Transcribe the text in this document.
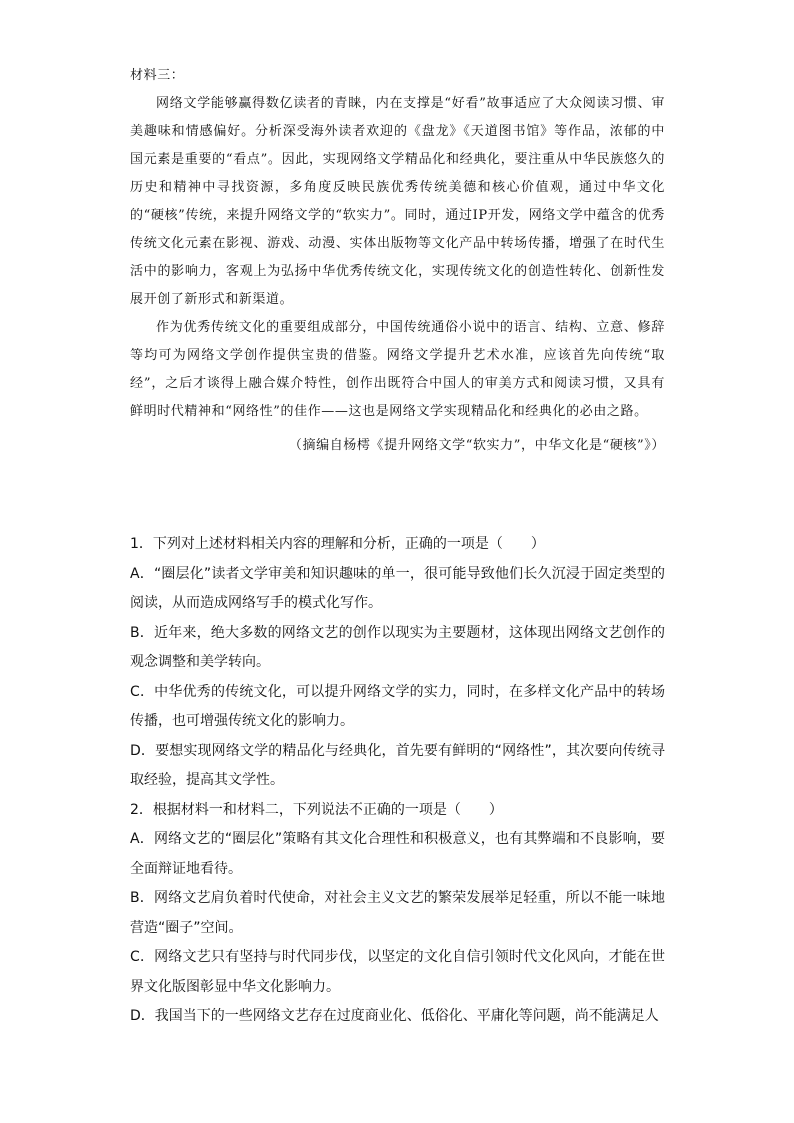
材料三：

网络文学能够赢得数亿读者的青睐，内在支撑是“好看”故事适应了大众阅读习惯、审美趣味和情感偏好。分析深受海外读者欢迎的《盘龙》《天道图书馆》等作品，浓郁的中国元素是重要的“看点”。因此，实现网络文学精品化和经典化，要注重从中华民族悠久的历史和精神中寻找资源，多角度反映民族优秀传统美德和核心价值观，通过中华文化的“硬核”传统，来提升网络文学的“软实力”。同时，通过IP开发，网络文学中蕴含的优秀传统文化元素在影视、游戏、动漫、实体出版物等文化产品中转场传播，增强了在时代生活中的影响力，客观上为弘扬中华优秀传统文化，实现传统文化的创造性转化、创新性发展开创了新形式和新渠道。

作为优秀传统文化的重要组成部分，中国传统通俗小说中的语言、结构、立意、修辞等均可为网络文学创作提供宝贵的借鉴。网络文学提升艺术水准，应该首先向传统“取经”，之后才谈得上融合媒介特性，创作出既符合中国人的审美方式和阅读习惯，又具有鲜明时代精神和“网络性”的佳作——这也是网络文学实现精品化和经典化的必由之路。

（摘编自杨樗《提升网络文学“软实力”，中华文化是“硬核”》）

1．下列对上述材料相关内容的理解和分析，正确的一项是（　　）

A．“圈层化”读者文学审美和知识趣味的单一，很可能导致他们长久沉浸于固定类型的阅读，从而造成网络写手的模式化写作。

B．近年来，绝大多数的网络文艺的创作以现实为主要题材，这体现出网络文艺创作的观念调整和美学转向。

C．中华优秀的传统文化，可以提升网络文学的实力，同时，在多样文化产品中的转场传播，也可增强传统文化的影响力。

D．要想实现网络文学的精品化与经典化，首先要有鲜明的“网络性”，其次要向传统寻取经验，提高其文学性。

2．根据材料一和材料二，下列说法不正确的一项是（　　）

A．网络文艺的“圈层化”策略有其文化合理性和积极意义，也有其弊端和不良影响，要全面辩证地看待。

B．网络文艺肩负着时代使命，对社会主义文艺的繁荣发展举足轻重，所以不能一味地营造“圈子”空间。

C．网络文艺只有坚持与时代同步伐，以坚定的文化自信引领时代文化风向，才能在世界文化版图彰显中华文化影响力。

D．我国当下的一些网络文艺存在过度商业化、低俗化、平庸化等问题，尚不能满足人
